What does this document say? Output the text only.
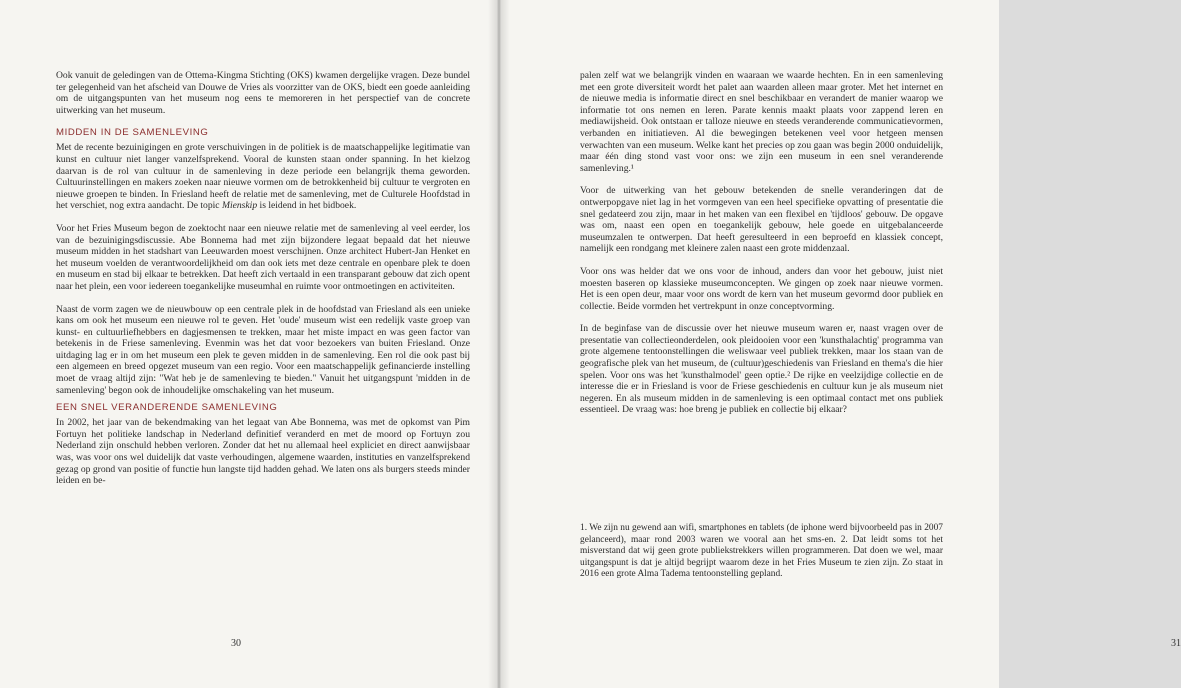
Ook vanuit de geledingen van de Ottema-Kingma Stichting (OKS) kwamen dergelijke vragen. Deze bundel ter gelegenheid van het afscheid van Douwe de Vries als voorzitter van de OKS, biedt een goede aanleiding om de uitgangspunten van het museum nog eens te memoreren in het perspectief van de concrete uitwerking van het museum.

MIDDEN IN DE SAMENLEVING

Met de recente bezuinigingen en grote verschuivingen in de politiek is de maatschappelijke legitimatie van kunst en cultuur niet langer vanzelfsprekend. Vooral de kunsten staan onder spanning. In het kielzog daarvan is de rol van cultuur in de samenleving in deze periode een belangrijk thema geworden. Cultuurinstellingen en makers zoeken naar nieuwe vormen om de betrokkenheid bij cultuur te vergroten en nieuwe groepen te binden. In Friesland heeft de relatie met de samenleving, met de Culturele Hoofdstad in het verschiet, nog extra aandacht. De topic Mienskip is leidend in het bidboek.

Voor het Fries Museum begon de zoektocht naar een nieuwe relatie met de samenleving al veel eerder, los van de bezuinigingsdiscussie. Abe Bonnema had met zijn bijzondere legaat bepaald dat het nieuwe museum midden in het stadshart van Leeuwarden moest verschijnen. Onze architect Hubert-Jan Henket en het museum voelden de verantwoordelijkheid om dan ook iets met deze centrale en openbare plek te doen en museum en stad bij elkaar te betrekken. Dat heeft zich vertaald in een transparant gebouw dat zich opent naar het plein, een voor iedereen toegankelijke museumhal en ruimte voor ontmoetingen en activiteiten.

Naast de vorm zagen we de nieuwbouw op een centrale plek in de hoofdstad van Friesland als een unieke kans om ook het museum een nieuwe rol te geven. Het 'oude' museum wist een redelijk vaste groep van kunst- en cultuurliefhebbers en dagjesmensen te trekken, maar het miste impact en was geen factor van betekenis in de Friese samenleving. Evenmin was het dat voor bezoekers van buiten Friesland. Onze uitdaging lag er in om het museum een plek te geven midden in de samenleving. Een rol die ook past bij een algemeen en breed opgezet museum van een regio. Voor een maatschappelijk gefinancierde instelling moet de vraag altijd zijn: "Wat heb je de samenleving te bieden." Vanuit het uitgangspunt 'midden in de samenleving' begon ook de inhoudelijke omschakeling van het museum.

EEN SNEL VERANDERENDE SAMENLEVING

In 2002, het jaar van de bekendmaking van het legaat van Abe Bonnema, was met de opkomst van Pim Fortuyn het politieke landschap in Nederland definitief veranderd en met de moord op Fortuyn zou Nederland zijn onschuld hebben verloren. Zonder dat het nu allemaal heel expliciet en direct aanwijsbaar was, was voor ons wel duidelijk dat vaste verhoudingen, algemene waarden, instituties en vanzelfsprekend gezag op grond van positie of functie hun langste tijd hadden gehad. We laten ons als burgers steeds minder leiden en be-

30

palen zelf wat we belangrijk vinden en waaraan we waarde hechten. En in een samenleving met een grote diversiteit wordt het palet aan waarden alleen maar groter. Met het internet en de nieuwe media is informatie direct en snel beschikbaar en verandert de manier waarop we informatie tot ons nemen en leren. Parate kennis maakt plaats voor zappend leren en mediawijsheid. Ook ontstaan er talloze nieuwe en steeds veranderende communicatievormen, verbanden en initiatieven. Al die bewegingen betekenen veel voor hetgeen mensen verwachten van een museum. Welke kant het precies op zou gaan was begin 2000 onduidelijk, maar één ding stond vast voor ons: we zijn een museum in een snel veranderende samenleving.¹

Voor de uitwerking van het gebouw betekenden de snelle veranderingen dat de ontwerpopgave niet lag in het vormgeven van een heel specifieke opvatting of presentatie die snel gedateerd zou zijn, maar in het maken van een flexibel en 'tijdloos' gebouw. De opgave was om, naast een open en toegankelijk gebouw, hele goede en uitgebalanceerde museumzalen te ontwerpen. Dat heeft geresulteerd in een beproefd en klassiek concept, namelijk een rondgang met kleinere zalen naast een grote middenzaal.

Voor ons was helder dat we ons voor de inhoud, anders dan voor het gebouw, juist niet moesten baseren op klassieke museumconcepten. We gingen op zoek naar nieuwe vormen. Het is een open deur, maar voor ons wordt de kern van het museum gevormd door publiek en collectie. Beide vormden het vertrekpunt in onze conceptvorming.

In de beginfase van de discussie over het nieuwe museum waren er, naast vragen over de presentatie van collectieonderdelen, ook pleidooien voor een 'kunsthalachtig' programma van grote algemene tentoonstellingen die weliswaar veel publiek trekken, maar los staan van de geografische plek van het museum, de (cultuur)geschiedenis van Friesland en thema's die hier spelen. Voor ons was het 'kunsthalmodel' geen optie.² De rijke en veelzijdige collectie en de interesse die er in Friesland is voor de Friese geschiedenis en cultuur kun je als museum niet negeren. En als museum midden in de samenleving is een optimaal contact met ons publiek essentieel. De vraag was: hoe breng je publiek en collectie bij elkaar?

1. We zijn nu gewend aan wifi, smartphones en tablets (de iphone werd bijvoorbeeld pas in 2007 gelanceerd), maar rond 2003 waren we vooral aan het sms-en. 2. Dat leidt soms tot het misverstand dat wij geen grote publiekstrekkers willen programmeren. Dat doen we wel, maar uitgangspunt is dat je altijd begrijpt waarom deze in het Fries Museum te zien zijn. Zo staat in 2016 een grote Alma Tadema tentoonstelling gepland.

31
